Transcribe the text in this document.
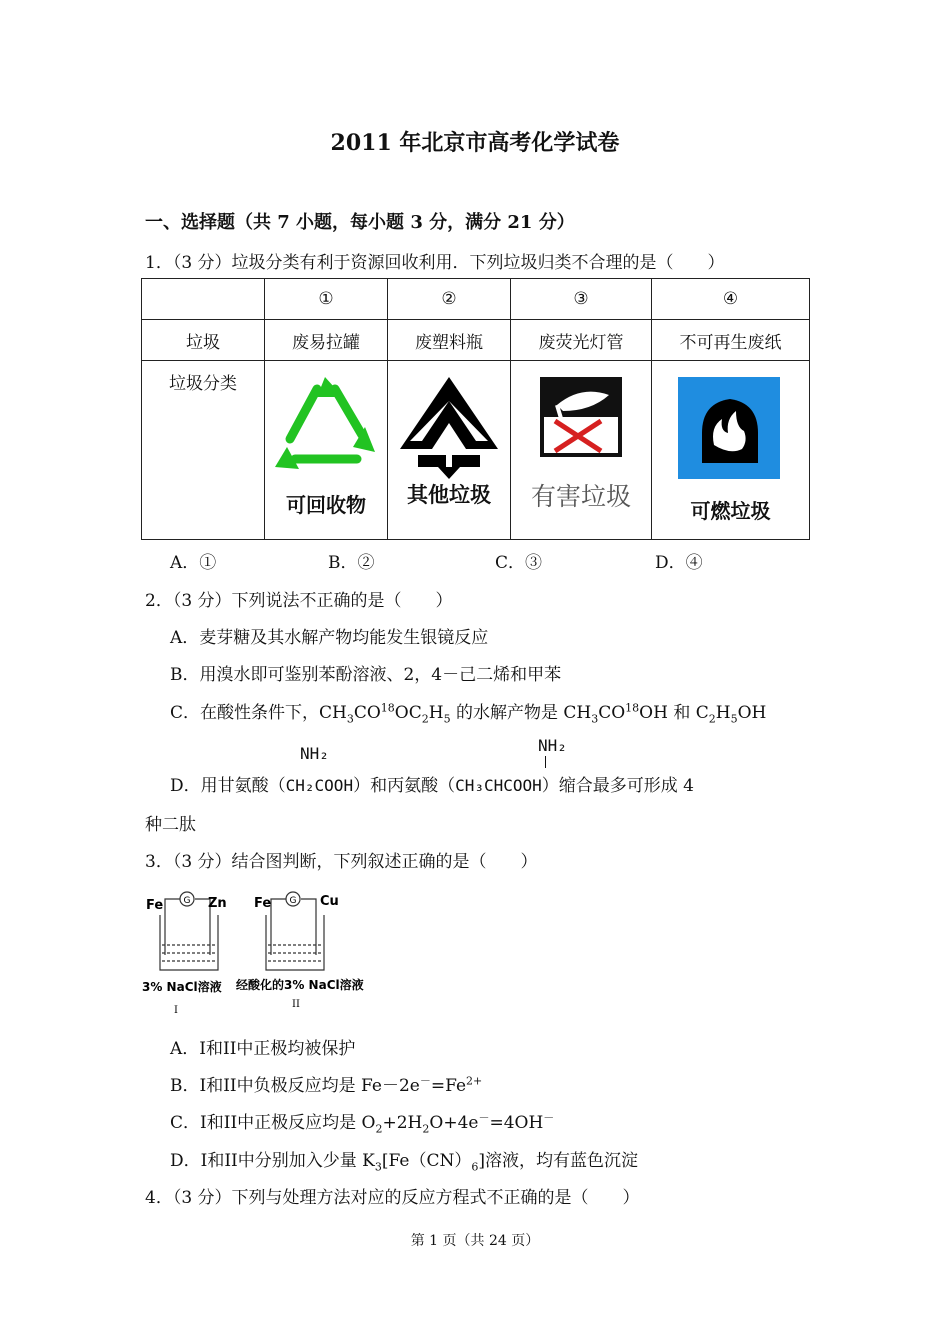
2011 年北京市高考化学试卷
一、选择题（共 7 小题，每小题 3 分，满分 21 分）
1．（3 分）垃圾分类有利于资源回收利用．下列垃圾归类不合理的是（　　）
	①	②	③	④
垃圾	废易拉罐	废塑料瓶	废荧光灯管	不可再生废纸

垃圾分类	可回收物	其他垃圾	有害垃圾	可燃垃圾
A．①	B．②	C．③	D．④
2．（3 分）下列说法不正确的是（　　）
A．麦芽糖及其水解产物均能发生银镜反应
B．用溴水即可鉴别苯酚溶液、2，4－己二烯和甲苯
C．在酸性条件下，$CH_3CO^{18}OC_2H_5$ 的水解产物是 $CH_3CO^{18}OH$ 和 $C_2H_5OH$
NH₂	NH₂
D．用甘氨酸（CH₂COOH）和丙氨酸（CH₃CHCOOH）缩合最多可形成 4
种二肽
3．（3 分）结合图判断，下列叙述正确的是（　　）
G	G
Fe	Zn Fe	Cu
3% NaCl溶液 经酸化的3% NaCl溶液
I
II
A．I和II中正极均被保护
B．I和II中负极反应均是 $Fe-2e^-=Fe^{2+}$
C．I和II中正极反应均是 $O_2+2H_2O+4e^-=4OH^-$
D．I和II中分别加入少量 $K_3[Fe(CN)_6]$溶液，均有蓝色沉淀
4．（3 分）下列与处理方法对应的反应方程式不正确的是（　　）
第 1 页（共 24 页）
